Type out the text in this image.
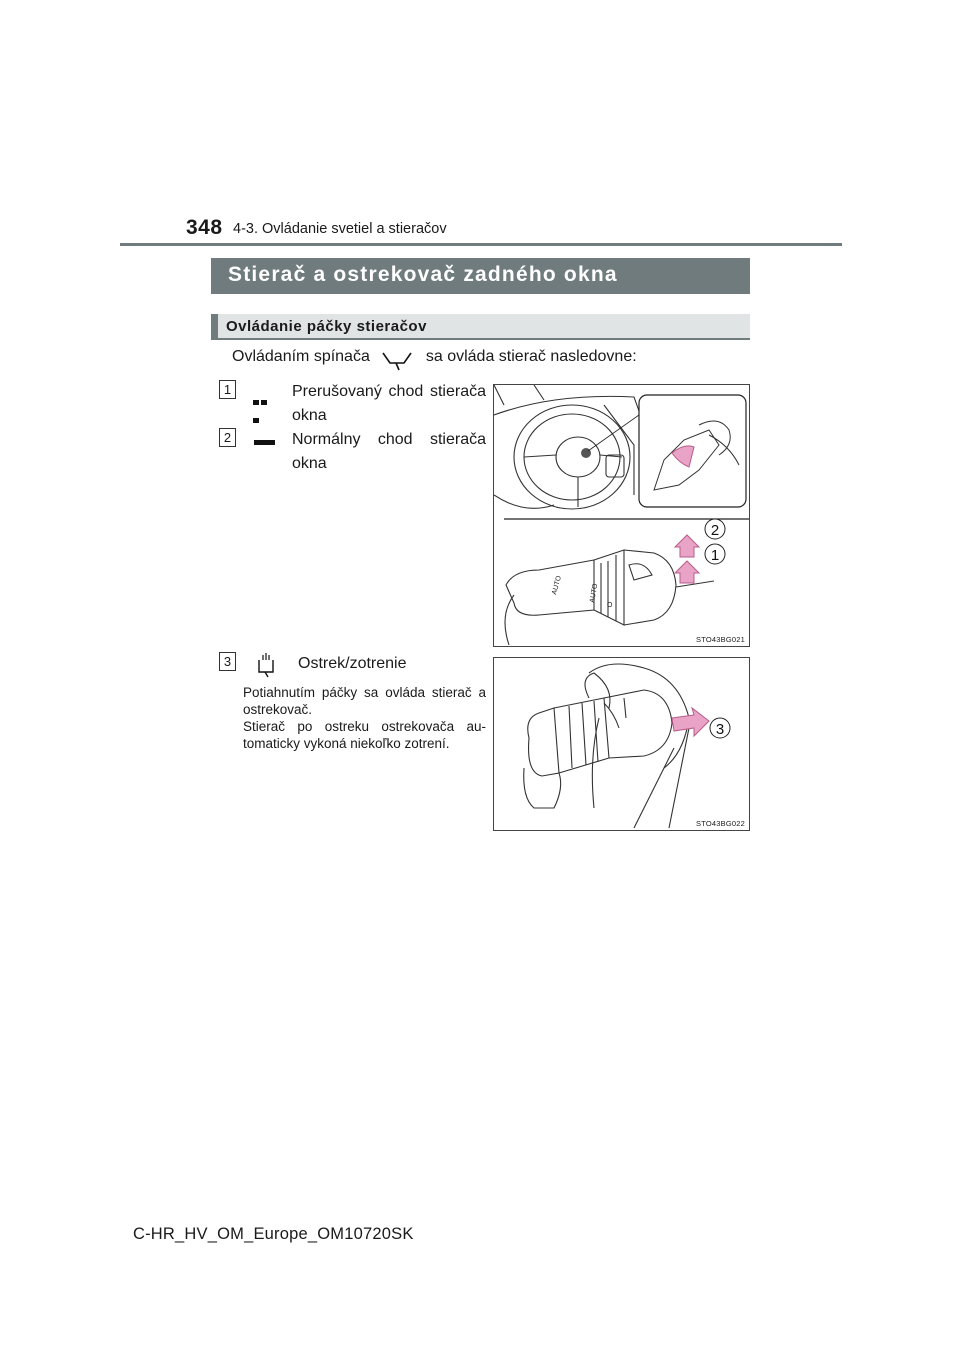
348 4-3. Ovládanie svetiel a stieračov
Stierač a ostrekovač zadného okna
Ovládanie páčky stieračov
Ovládaním spínača	sa ovláda stierač nasledovne:
1	Prerušovaný chod stierača okna
2	Normálny chod stierača okna
AUTO	AUTO
O
2
1
STO43BG021
3	Ostrek/zotrenie

Potiahnutím páčky sa ovláda stierač a ostrekovač.

Stierač po ostreku ostrekovača au-tomaticky vykoná niekoľko zotrení.

3
STO43BG022
C-HR_HV_OM_Europe_OM10720SK
